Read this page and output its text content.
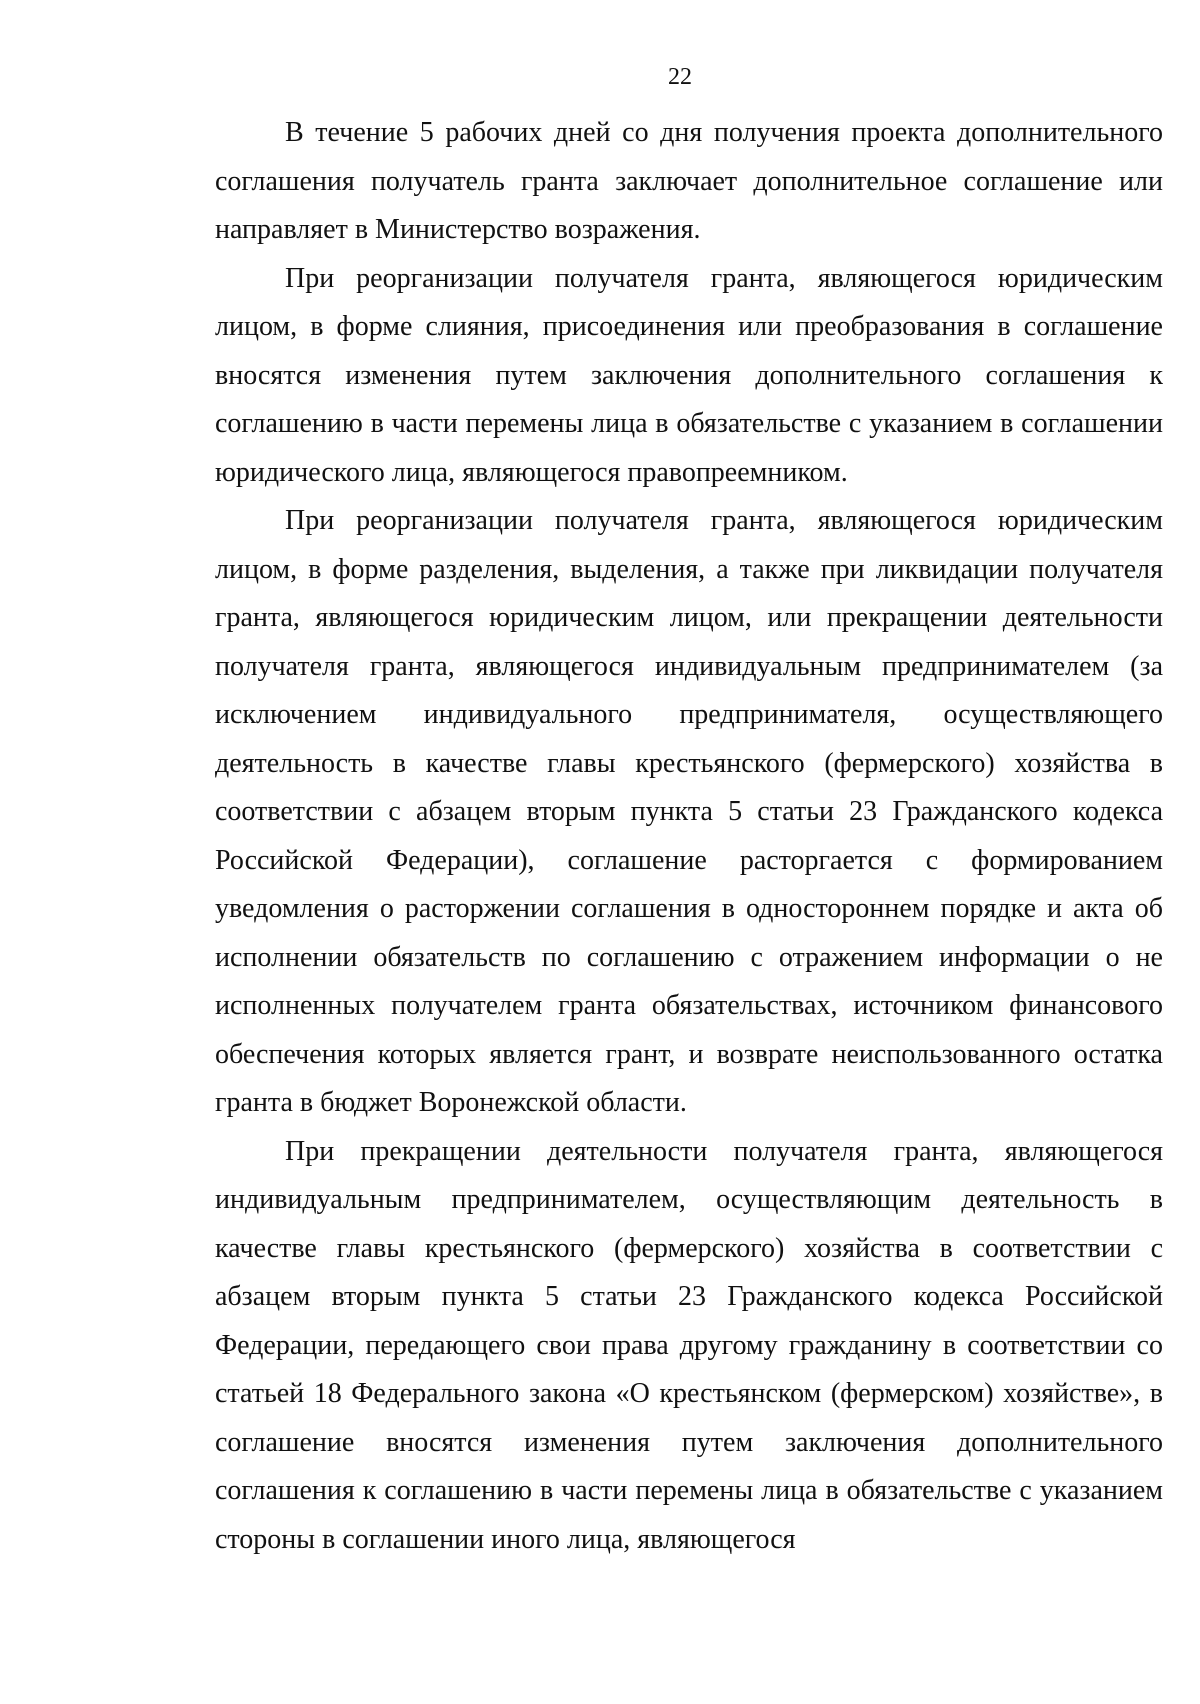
22

В течение 5 рабочих дней со дня получения проекта дополнительного соглашения получатель гранта заключает дополнительное соглашение или направляет в Министерство возражения.

При реорганизации получателя гранта, являющегося юридическим лицом, в форме слияния, присоединения или преобразования в соглашение вносятся изменения путем заключения дополнительного соглашения к соглашению в части перемены лица в обязательстве с указанием в соглашении юридического лица, являющегося правопреемником.

При реорганизации получателя гранта, являющегося юридическим лицом, в форме разделения, выделения, а также при ликвидации получателя гранта, являющегося юридическим лицом, или прекращении деятельности получателя гранта, являющегося индивидуальным предпринимателем (за исключением индивидуального предпринимателя, осуществляющего деятельность в качестве главы крестьянского (фермерского) хозяйства в соответствии с абзацем вторым пункта 5 статьи 23 Гражданского кодекса Российской Федерации), соглашение расторгается с формированием уведомления о расторжении соглашения в одностороннем порядке и акта об исполнении обязательств по соглашению с отражением информации о не исполненных получателем гранта обязательствах, источником финансового обеспечения которых является грант, и возврате неиспользованного остатка гранта в бюджет Воронежской области.

При прекращении деятельности получателя гранта, являющегося индивидуальным предпринимателем, осуществляющим деятельность в качестве главы крестьянского (фермерского) хозяйства в соответствии с абзацем вторым пункта 5 статьи 23 Гражданского кодекса Российской Федерации, передающего свои права другому гражданину в соответствии со статьей 18 Федерального закона «О крестьянском (фермерском) хозяйстве», в соглашение вносятся изменения путем заключения дополнительного соглашения к соглашению в части перемены лица в обязательстве с указанием стороны в соглашении иного лица, являющегося
